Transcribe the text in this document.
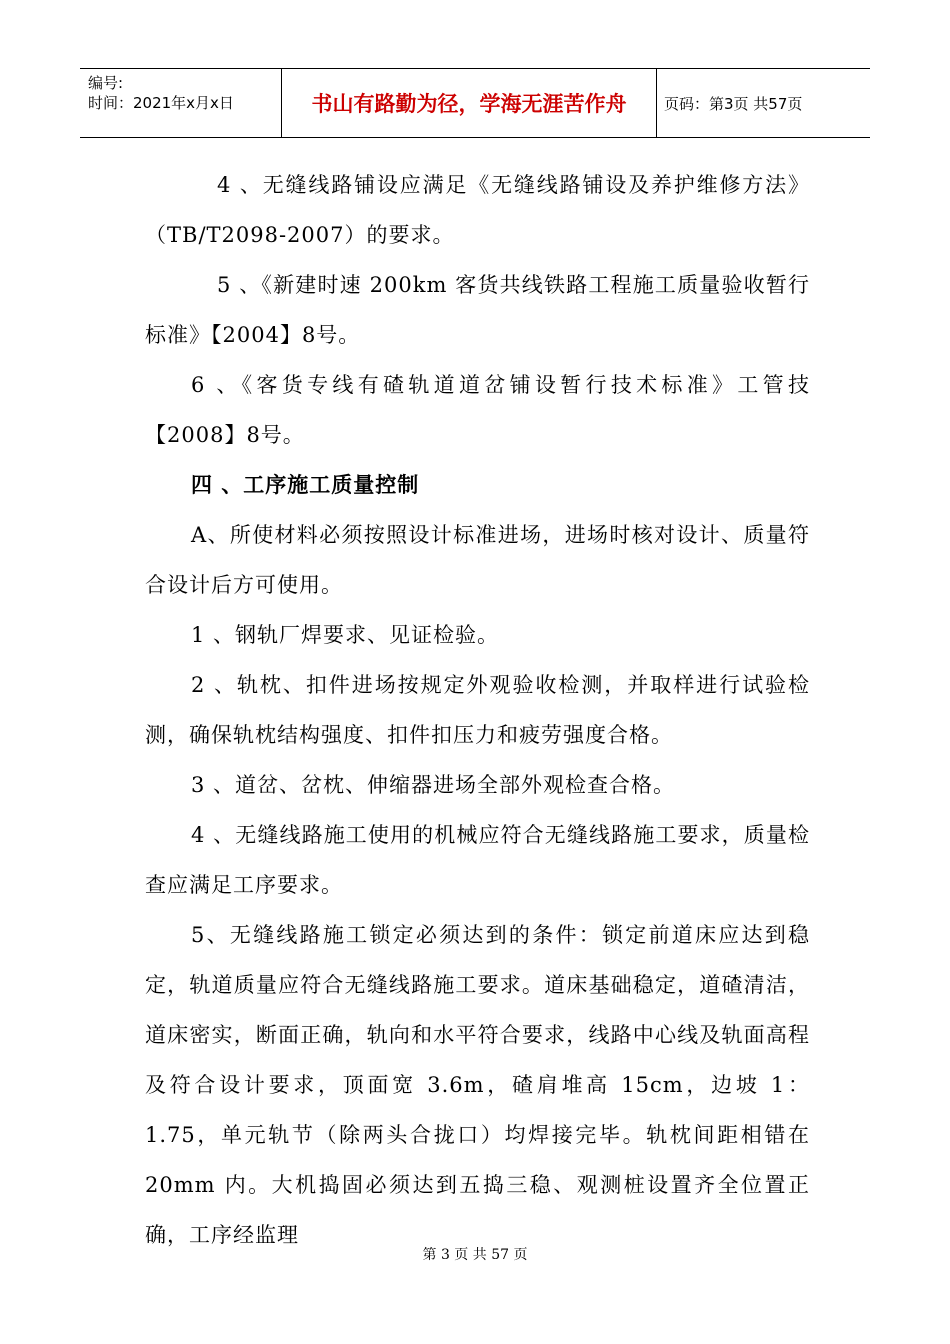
编号:
时间：2021年x月x日	书山有路勤为径，学海无涯苦作舟	页码：第3页 共57页

4 、无缝线路铺设应满足《无缝线路铺设及养护维修方法》（TB/T2098-2007）的要求。

5 、《新建时速 200km 客货共线铁路工程施工质量验收暂行标准》【2004】8号。

6 、《客货专线有碴轨道道岔铺设暂行技术标准》工管技【2008】8号。

四 、工序施工质量控制

A、所使材料必须按照设计标准进场，进场时核对设计、质量符合设计后方可使用。

1 、钢轨厂焊要求、见证检验。

2 、轨枕、扣件进场按规定外观验收检测，并取样进行试验检测，确保轨枕结构强度、扣件扣压力和疲劳强度合格。

3 、道岔、岔枕、伸缩器进场全部外观检查合格。

4 、无缝线路施工使用的机械应符合无缝线路施工要求，质量检查应满足工序要求。

5、无缝线路施工锁定必须达到的条件：锁定前道床应达到稳定，轨道质量应符合无缝线路施工要求。道床基础稳定，道碴清洁，道床密实，断面正确，轨向和水平符合要求，线路中心线及轨面高程及符合设计要求，顶面宽 3.6m，碴肩堆高 15cm，边坡 1：1.75，单元轨节（除两头合拢口）均焊接完毕。轨枕间距相错在 20mm 内。大机捣固必须达到五捣三稳、观测桩设置齐全位置正确，工序经监理

第 3 页 共 57 页
